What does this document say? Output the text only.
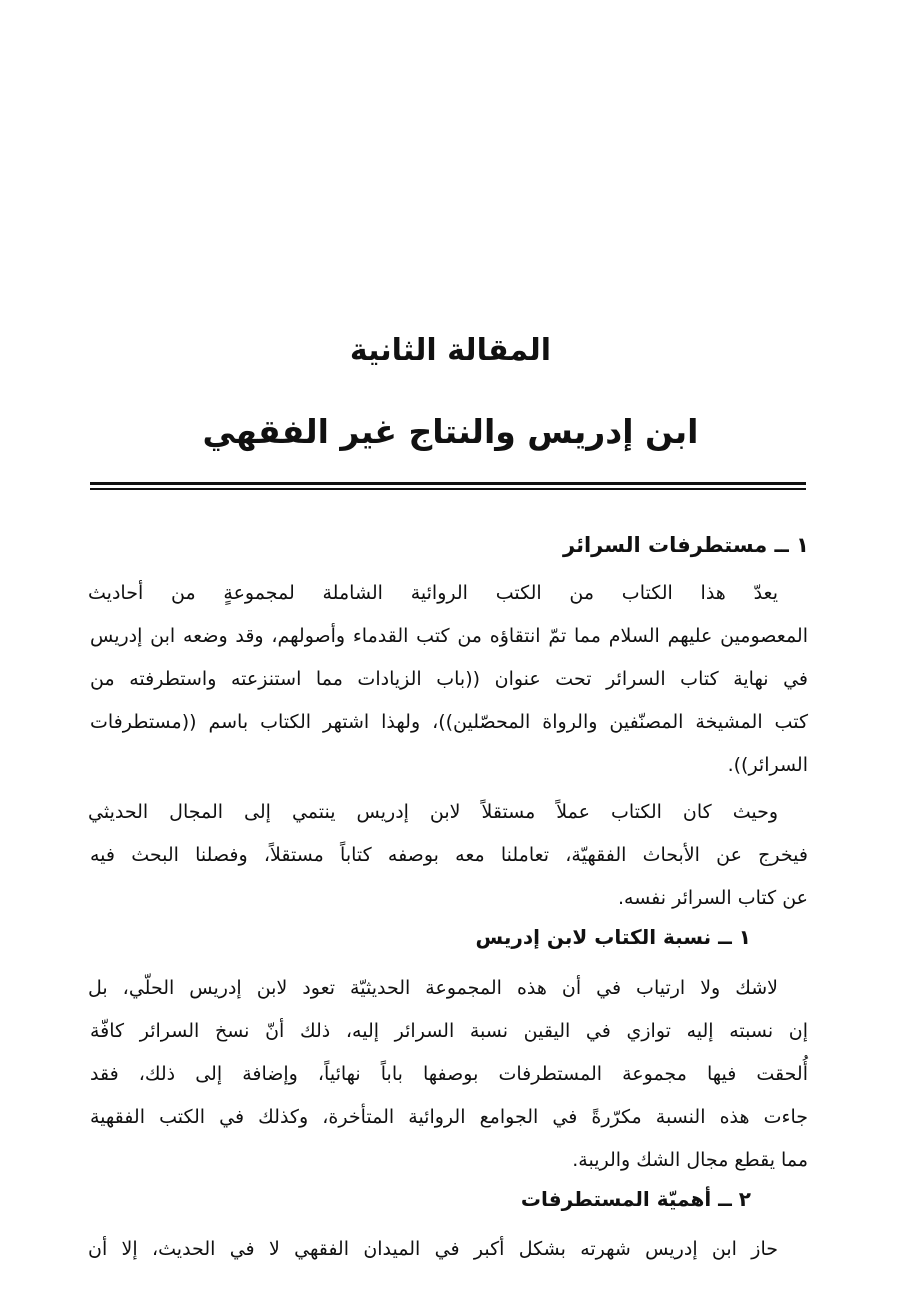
المقالة الثانية
ابن إدريس والنتاج غير الفقهي
١ ــ مستطرفات السرائر

يعدّ هذا الكتاب من الكتب الروائية الشاملة لمجموعةٍ من أحاديث

المعصومين عليهم السلام مما تمّ انتقاؤه من كتب القدماء وأصولهم، وقد وضعه ابن إدريس

في نهاية كتاب السرائر تحت عنوان ((باب الزيادات مما استنزعته واستطرفته من

كتب المشيخة المصنّفين والرواة المحصّلين))، ولهذا اشتهر الكتاب باسم ((مستطرفات

السرائر)).

وحيث كان الكتاب عملاً مستقلاً لابن إدريس ينتمي إلى المجال الحديثي

فيخرج عن الأبحاث الفقهيّة، تعاملنا معه بوصفه كتاباً مستقلاً، وفصلنا البحث فيه

عن كتاب السرائر نفسه.

١ ــ نسبة الكتاب لابن إدريس

لاشك ولا ارتياب في أن هذه المجموعة الحديثيّة تعود لابن إدريس الحلّي، بل

إن نسبته إليه توازي في اليقين نسبة السرائر إليه، ذلك أنّ نسخ السرائر كافّة

أُلحقت فيها مجموعة المستطرفات بوصفها باباً نهائياً، وإضافة إلى ذلك، فقد

جاءت هذه النسبة مكرّرةً في الجوامع الروائية المتأخرة، وكذلك في الكتب الفقهية

مما يقطع مجال الشك والريبة.

٢ ــ أهميّة المستطرفات

حاز ابن إدريس شهرته بشكل أكبر في الميدان الفقهي لا في الحديث، إلا أن
